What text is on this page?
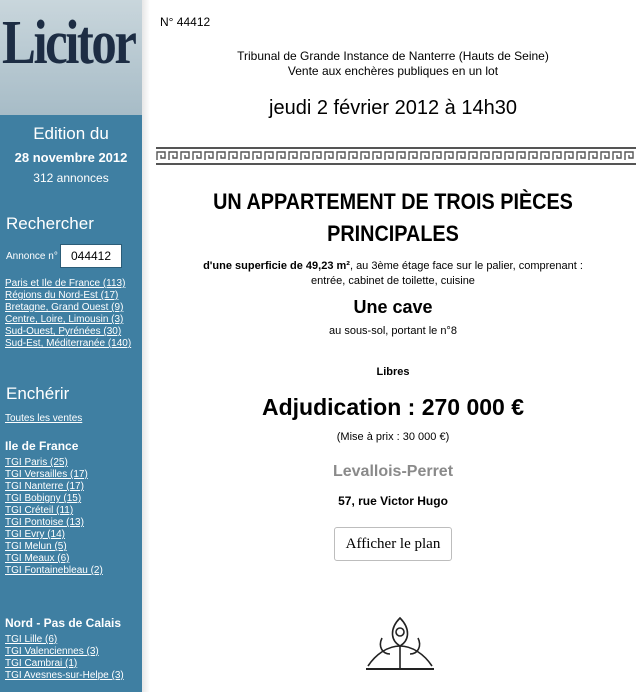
Licitor
Edition du
28 novembre 2012
312 annonces
Rechercher
Annonce n°
044412
Paris et Ile de France (113)
Régions du Nord-Est (17)
Bretagne, Grand Ouest (9)
Centre, Loire, Limousin (3)
Sud-Ouest, Pyrénées (30)
Sud-Est, Méditerranée (140)
Enchérir
Toutes les ventes
Ile de France
TGI Paris (25)
TGI Versailles (17)
TGI Nanterre (17)
TGI Bobigny (15)
TGI Créteil (11)
TGI Pontoise (13)
TGI Evry (14)
TGI Melun (5)
TGI Meaux (6)
TGI Fontainebleau (2)
Nord - Pas de Calais
TGI Lille (6)
TGI Valenciennes (3)
TGI Cambrai (1)
TGI Avesnes-sur-Helpe (3)
N° 44412
Tribunal de Grande Instance de Nanterre (Hauts de Seine)
Vente aux enchères publiques en un lot
jeudi 2 février 2012 à 14h30
UN APPARTEMENT DE TROIS PIÈCES
PRINCIPALES
d'une superficie de 49,23 m², au 3ème étage face sur le palier, comprenant :
entrée, cabinet de toilette, cuisine
Une cave
au sous-sol, portant le n°8
Libres
Adjudication : 270 000 €
(Mise à prix : 30 000 €)
Levallois-Perret
57, rue Victor Hugo
Afficher le plan
